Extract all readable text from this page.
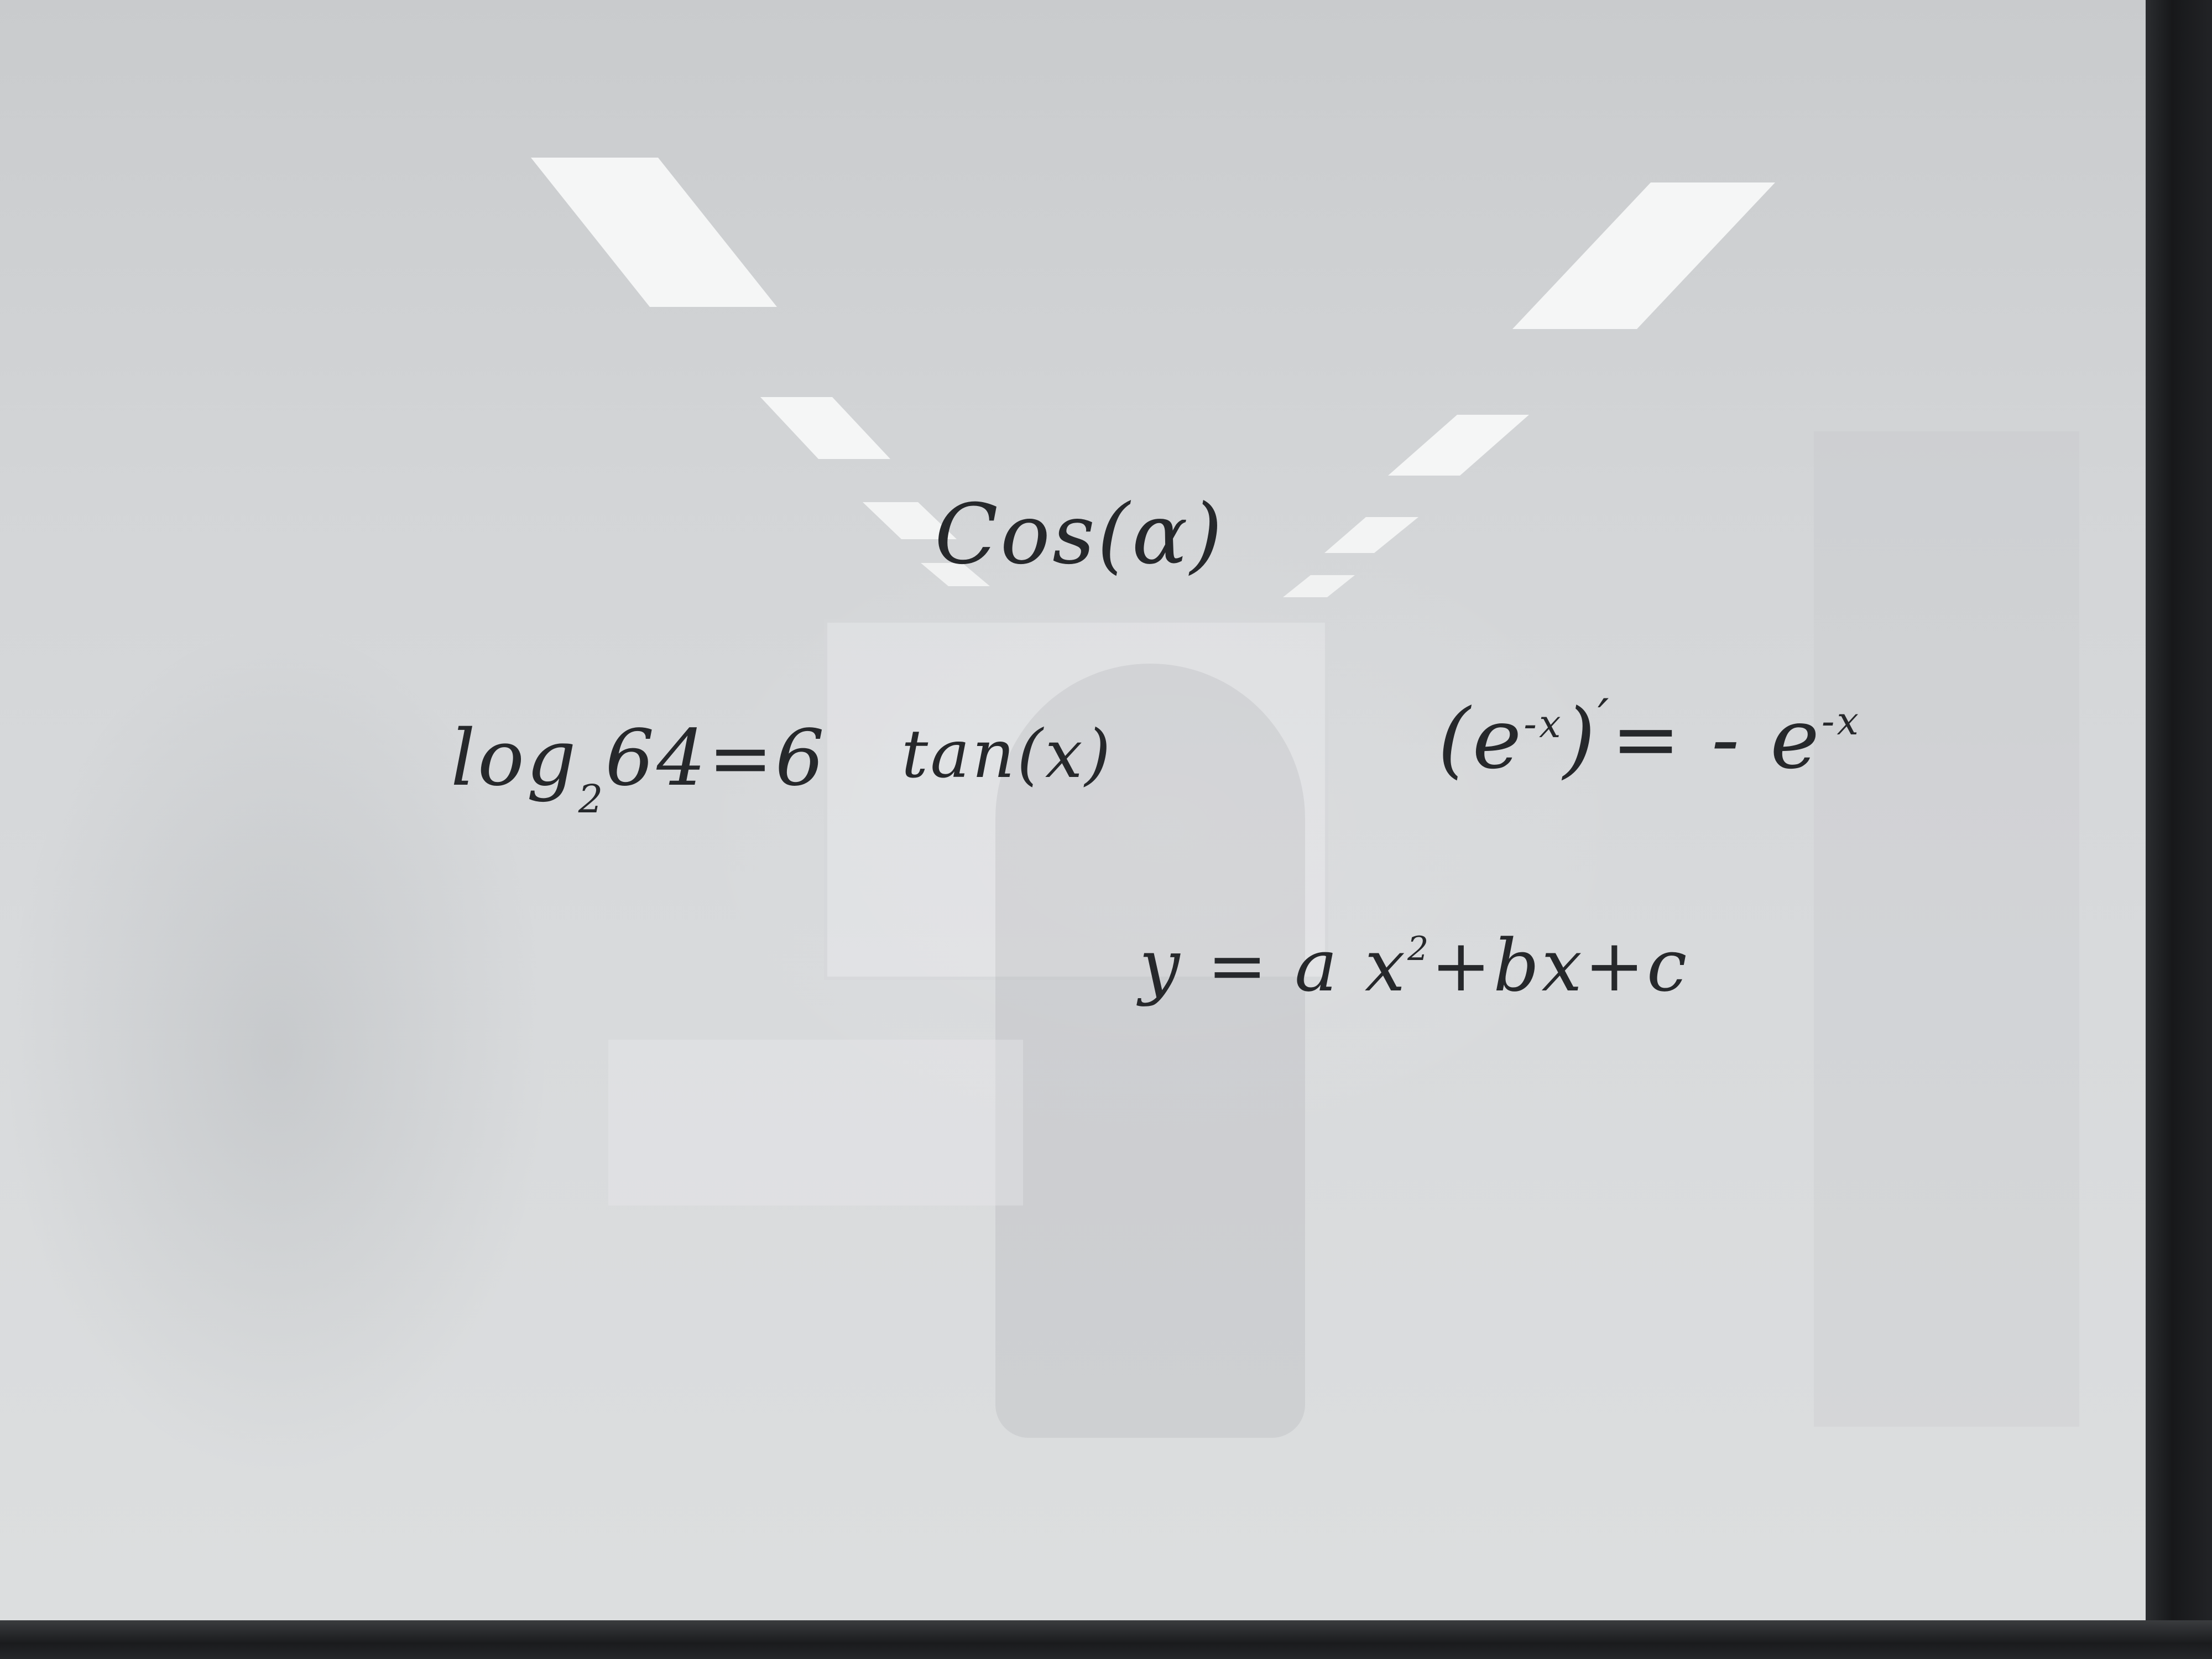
Cos(α)
$\log_264=6$ tan(x)	$(e^{-x})'= - e^{-x}$
y = a $x^2+bx+c$
